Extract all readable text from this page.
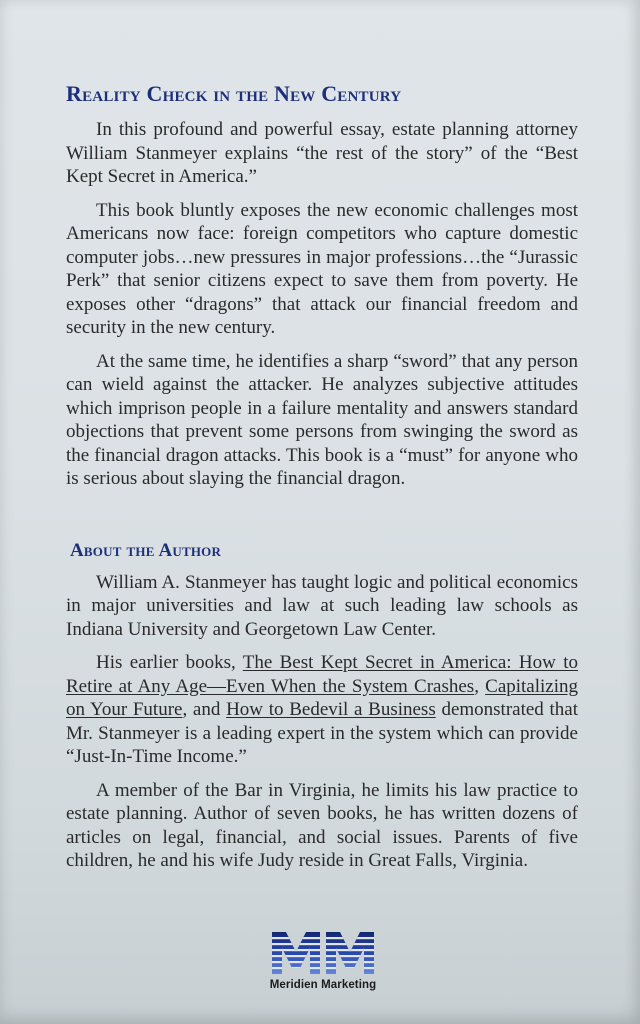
Reality Check in the New Century

In this profound and powerful essay, estate planning attorney William Stanmeyer explains “the rest of the story” of the “Best Kept Secret in America.”

This book bluntly exposes the new economic challenges most Americans now face: foreign competitors who capture domestic computer jobs…new pressures in major professions…the “Jurassic Perk” that senior citizens expect to save them from poverty. He exposes other “dragons” that attack our financial freedom and security in the new century.

At the same time, he identifies a sharp “sword” that any person can wield against the attacker. He analyzes subjective attitudes which imprison people in a failure mentality and answers standard objections that prevent some persons from swinging the sword as the financial dragon attacks. This book is a “must” for anyone who is serious about slaying the financial dragon.

About the Author

William A. Stanmeyer has taught logic and political economics in major universities and law at such leading law schools as Indiana University and Georgetown Law Center.

His earlier books, The Best Kept Secret in America: How to Retire at Any Age—Even When the System Crashes, Capitalizing on Your Future, and How to Bedevil a Business demonstrated that Mr. Stanmeyer is a leading expert in the system which can provide “Just-In-Time Income.”

A member of the Bar in Virginia, he limits his law practice to estate planning. Author of seven books, he has written dozens of articles on legal, financial, and social issues. Parents of five children, he and his wife Judy reside in Great Falls, Virginia.

Meridien Marketing
